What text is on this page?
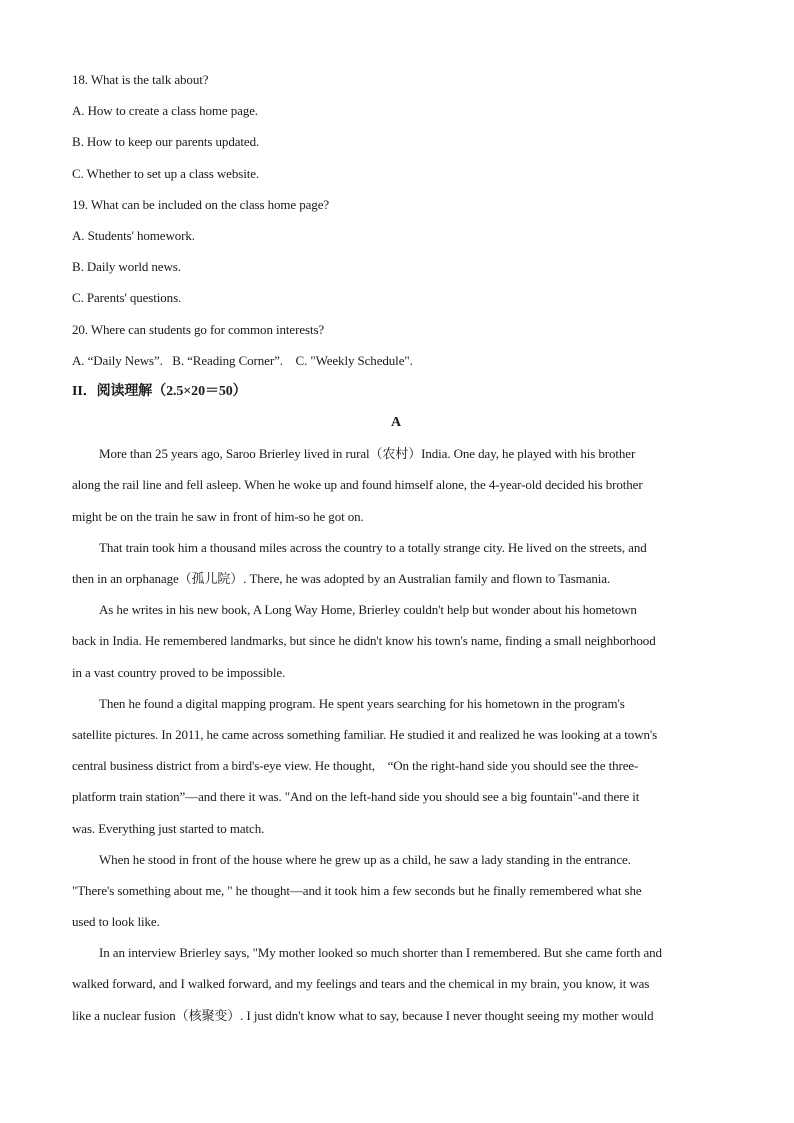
18. What is the talk about?
A. How to create a class home page.
B. How to keep our parents updated.
C. Whether to set up a class website.
19. What can be included on the class home page?
A. Students' homework.
B. Daily world news.
C. Parents' questions.
20. Where can students go for common interests?
A. “Daily News”.   B. “Reading Corner”.    C. "Weekly Schedule".
II．阅读理解（2.5×20＝50）
A
More than 25 years ago, Saroo Brierley lived in rural（农村）India. One day, he played with his brother
along the rail line and fell asleep. When he woke up and found himself alone, the 4-year-old decided his brother
might be on the train he saw in front of him-so he got on.
That train took him a thousand miles across the country to a totally strange city. He lived on the streets, and
then in an orphanage（孤儿院）. There, he was adopted by an Australian family and flown to Tasmania.
As he writes in his new book, A Long Way Home, Brierley couldn't help but wonder about his hometown
back in India. He remembered landmarks, but since he didn't know his town's name, finding a small neighborhood
in a vast country proved to be impossible.
Then he found a digital mapping program. He spent years searching for his hometown in the program's
satellite pictures. In 2011, he came across something familiar. He studied it and realized he was looking at a town's
central business district from a bird's-eye view. He thought,    “On the right-hand side you should see the three-
platform train station”—and there it was. "And on the left-hand side you should see a big fountain"-and there it
was. Everything just started to match.
When he stood in front of the house where he grew up as a child, he saw a lady standing in the entrance.
"There's something about me, " he thought—and it took him a few seconds but he finally remembered what she
used to look like.
In an interview Brierley says, "My mother looked so much shorter than I remembered. But she came forth and
walked forward, and I walked forward, and my feelings and tears and the chemical in my brain, you know, it was
like a nuclear fusion（核聚变）. I just didn't know what to say, because I never thought seeing my mother would
